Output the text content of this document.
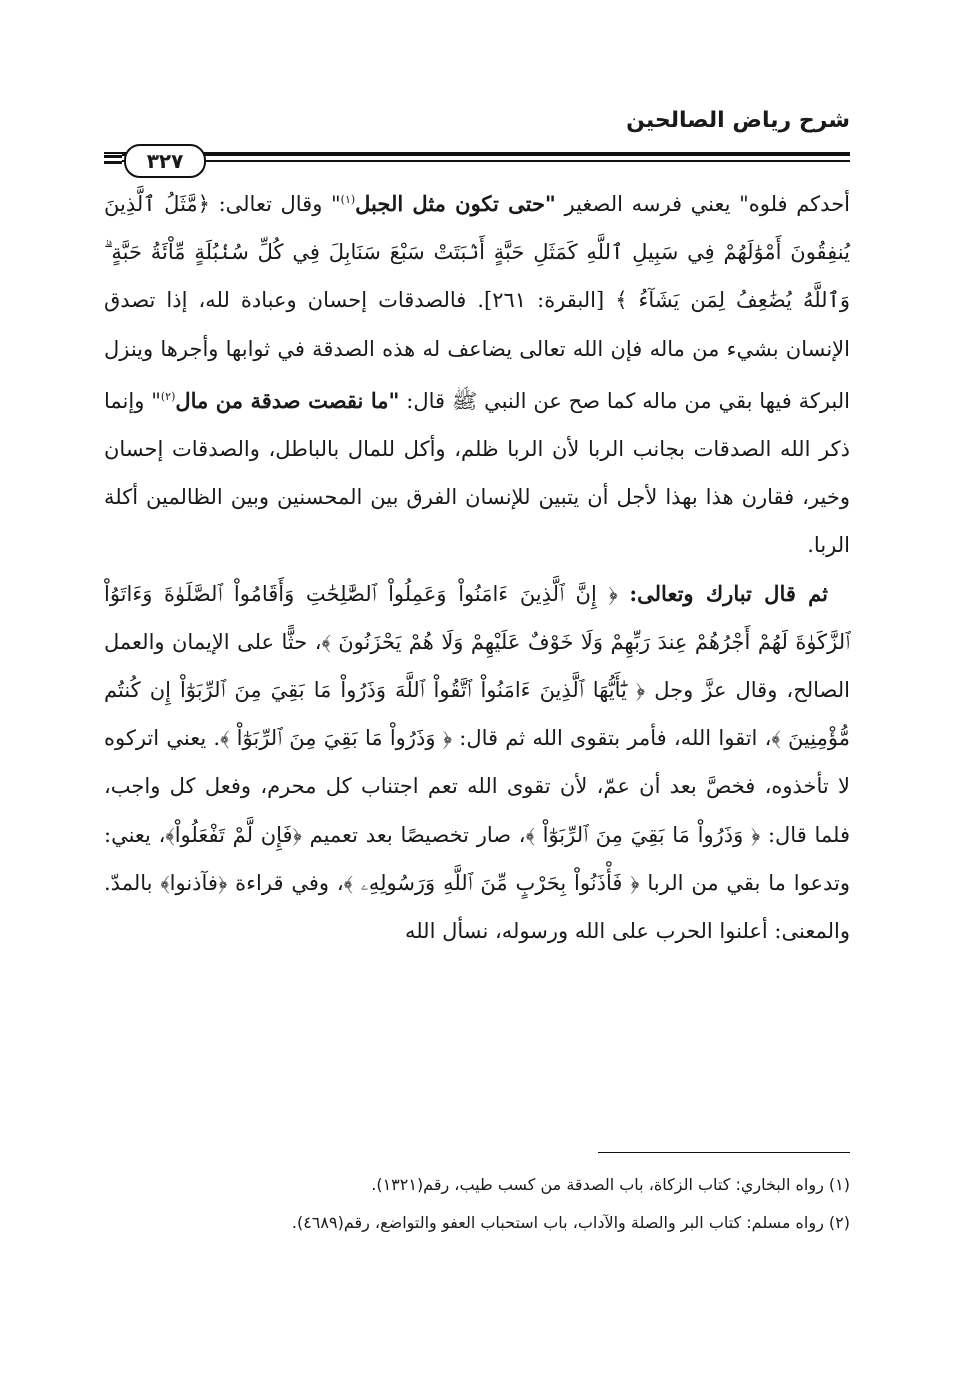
شرح رياض الصالحين
٣٢٧

أحدكم فلوه" يعني فرسه الصغير "حتى تكون مثل الجبل$^{(١)}$" وقال تعالى: ﴿مَّثَلُ ٱلَّذِينَ يُنفِقُونَ أَمْوَٰلَهُمْ فِي سَبِيلِ ٱللَّهِ كَمَثَلِ حَبَّةٍ أَنۢبَتَتْ سَبْعَ سَنَابِلَ فِي كُلِّ سُنۢبُلَةٍ مِّاْئَةُ حَبَّةٍ ۗ وَٱللَّهُ يُضَٰعِفُ لِمَن يَشَآءُ ﴾ [البقرة: ٢٦١]. فالصدقات إحسان وعبادة لله، إذا تصدق الإنسان بشيء من ماله فإن الله تعالى يضاعف له هذه الصدقة في ثوابها وأجرها وينزل البركة فيها بقي من ماله كما صح عن النبي ﷺ قال: "ما نقصت صدقة من مال$^{(٢)}$" وإنما ذكر الله الصدقات بجانب الربا لأن الربا ظلم، وأكل للمال بالباطل، والصدقات إحسان وخير، فقارن هذا بهذا لأجل أن يتبين للإنسان الفرق بين المحسنين وبين الظالمين أكلة الربا.

ثم قال تبارك وتعالى: ﴿ إِنَّ ٱلَّذِينَ ءَامَنُواْ وَعَمِلُواْ ٱلصَّٰلِحَٰتِ وَأَقَامُواْ ٱلصَّلَوٰةَ وَءَاتَوُاْ ٱلزَّكَوٰةَ لَهُمْ أَجْرُهُمْ عِندَ رَبِّهِمْ وَلَا خَوْفٌ عَلَيْهِمْ وَلَا هُمْ يَحْزَنُونَ ﴾، حثًّا على الإيمان والعمل الصالح، وقال عزَّ وجل ﴿ يَٰٓأَيُّهَا ٱلَّذِينَ ءَامَنُواْ ٱتَّقُواْ ٱللَّهَ وَذَرُواْ مَا بَقِيَ مِنَ ٱلرِّبَوٰٓاْ إِن كُنتُم مُّؤْمِنِينَ ﴾، اتقوا الله، فأمر بتقوى الله ثم قال: ﴿ وَذَرُواْ مَا بَقِيَ مِنَ ٱلرِّبَوٰٓاْ ﴾. يعني اتركوه لا تأخذوه، فخصَّ بعد أن عمّ، لأن تقوى الله تعم اجتناب كل محرم، وفعل كل واجب، فلما قال: ﴿ وَذَرُواْ مَا بَقِيَ مِنَ ٱلرِّبَوٰٓاْ ﴾، صار تخصيصًا بعد تعميم ﴿فَإِن لَّمْ تَفْعَلُواْ﴾، يعني: وتدعوا ما بقي من الربا ﴿ فَأْذَنُواْ بِحَرْبٍ مِّنَ ٱللَّهِ وَرَسُولِهِۦ ﴾، وفي قراءة ﴿فآذنوا﴾ بالمدّ. والمعنى: أعلنوا الحرب على الله ورسوله، نسأل الله

(١) رواه البخاري: كتاب الزكاة، باب الصدقة من كسب طيب، رقم(١٣٢١).

(٢) رواه مسلم: كتاب البر والصلة والآداب، باب استحباب العفو والتواضع، رقم(٤٦٨٩).
